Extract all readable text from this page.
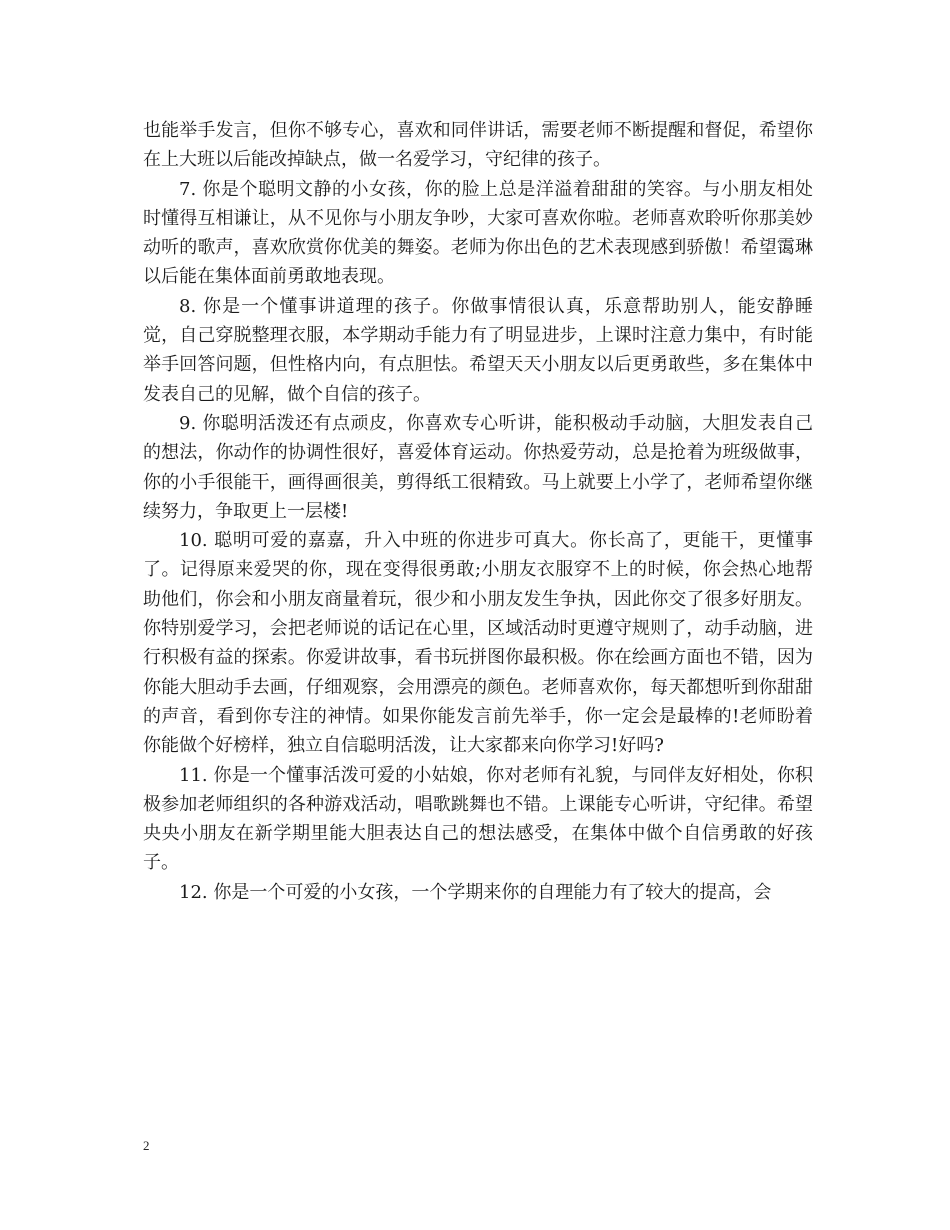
也能举手发言，但你不够专心，喜欢和同伴讲话，需要老师不断提醒和督促，希望你在上大班以后能改掉缺点，做一名爱学习，守纪律的孩子。

7. 你是个聪明文静的小女孩，你的脸上总是洋溢着甜甜的笑容。与小朋友相处时懂得互相谦让，从不见你与小朋友争吵，大家可喜欢你啦。老师喜欢聆听你那美妙动听的歌声，喜欢欣赏你优美的舞姿。老师为你出色的艺术表现感到骄傲！希望霭琳以后能在集体面前勇敢地表现。

8. 你是一个懂事讲道理的孩子。你做事情很认真，乐意帮助别人，能安静睡觉，自己穿脱整理衣服，本学期动手能力有了明显进步，上课时注意力集中，有时能举手回答问题，但性格内向，有点胆怯。希望天天小朋友以后更勇敢些，多在集体中发表自己的见解，做个自信的孩子。

9. 你聪明活泼还有点顽皮，你喜欢专心听讲，能积极动手动脑，大胆发表自己的想法，你动作的协调性很好，喜爱体育运动。你热爱劳动，总是抢着为班级做事，你的小手很能干，画得画很美，剪得纸工很精致。马上就要上小学了，老师希望你继续努力，争取更上一层楼!

10. 聪明可爱的嘉嘉，升入中班的你进步可真大。你长高了，更能干，更懂事了。记得原来爱哭的你，现在变得很勇敢;小朋友衣服穿不上的时候，你会热心地帮助他们，你会和小朋友商量着玩，很少和小朋友发生争执，因此你交了很多好朋友。你特别爱学习，会把老师说的话记在心里，区域活动时更遵守规则了，动手动脑，进行积极有益的探索。你爱讲故事，看书玩拼图你最积极。你在绘画方面也不错，因为你能大胆动手去画，仔细观察，会用漂亮的颜色。老师喜欢你，每天都想听到你甜甜的声音，看到你专注的神情。如果你能发言前先举手，你一定会是最棒的!老师盼着你能做个好榜样，独立自信聪明活泼，让大家都来向你学习!好吗?

11. 你是一个懂事活泼可爱的小姑娘，你对老师有礼貌，与同伴友好相处，你积极参加老师组织的各种游戏活动，唱歌跳舞也不错。上课能专心听讲，守纪律。希望央央小朋友在新学期里能大胆表达自己的想法感受，在集体中做个自信勇敢的好孩子。

12. 你是一个可爱的小女孩，一个学期来你的自理能力有了较大的提高，会

2
